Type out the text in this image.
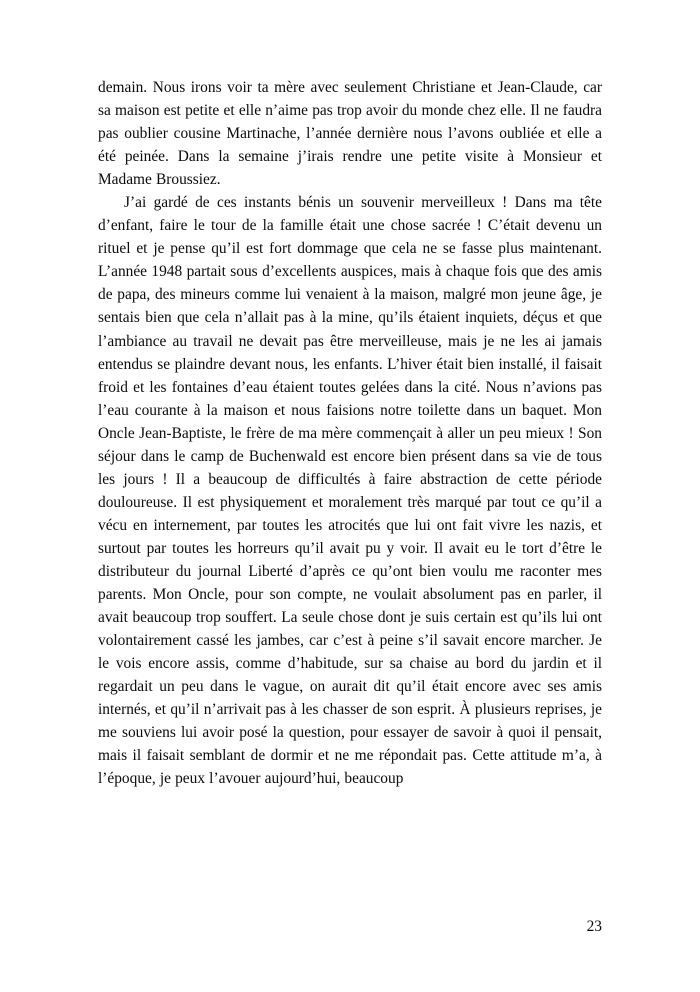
demain. Nous irons voir ta mère avec seulement Christiane et Jean-Claude, car sa maison est petite et elle n’aime pas trop avoir du monde chez elle. Il ne faudra pas oublier cousine Martinache, l’année dernière nous l’avons oubliée et elle a été peinée. Dans la semaine j’irais rendre une petite visite à Monsieur et Madame Broussiez.

J’ai gardé de ces instants bénis un souvenir merveilleux ! Dans ma tête d’enfant, faire le tour de la famille était une chose sacrée ! C’était devenu un rituel et je pense qu’il est fort dommage que cela ne se fasse plus maintenant. L’année 1948 partait sous d’excellents auspices, mais à chaque fois que des amis de papa, des mineurs comme lui venaient à la maison, malgré mon jeune âge, je sentais bien que cela n’allait pas à la mine, qu’ils étaient inquiets, déçus et que l’ambiance au travail ne devait pas être merveilleuse, mais je ne les ai jamais entendus se plaindre devant nous, les enfants. L’hiver était bien installé, il faisait froid et les fontaines d’eau étaient toutes gelées dans la cité. Nous n’avions pas l’eau courante à la maison et nous faisions notre toilette dans un baquet. Mon Oncle Jean-Baptiste, le frère de ma mère commençait à aller un peu mieux ! Son séjour dans le camp de Buchenwald est encore bien présent dans sa vie de tous les jours ! Il a beaucoup de difficultés à faire abstraction de cette période douloureuse. Il est physiquement et moralement très marqué par tout ce qu’il a vécu en internement, par toutes les atrocités que lui ont fait vivre les nazis, et surtout par toutes les horreurs qu’il avait pu y voir. Il avait eu le tort d’être le distributeur du journal Liberté d’après ce qu’ont bien voulu me raconter mes parents. Mon Oncle, pour son compte, ne voulait absolument pas en parler, il avait beaucoup trop souffert. La seule chose dont je suis certain est qu’ils lui ont volontairement cassé les jambes, car c’est à peine s’il savait encore marcher. Je le vois encore assis, comme d’habitude, sur sa chaise au bord du jardin et il regardait un peu dans le vague, on aurait dit qu’il était encore avec ses amis internés, et qu’il n’arrivait pas à les chasser de son esprit. À plusieurs reprises, je me souviens lui avoir posé la question, pour essayer de savoir à quoi il pensait, mais il faisait semblant de dormir et ne me répondait pas. Cette attitude m’a, à l’époque, je peux l’avouer aujourd’hui, beaucoup

23
